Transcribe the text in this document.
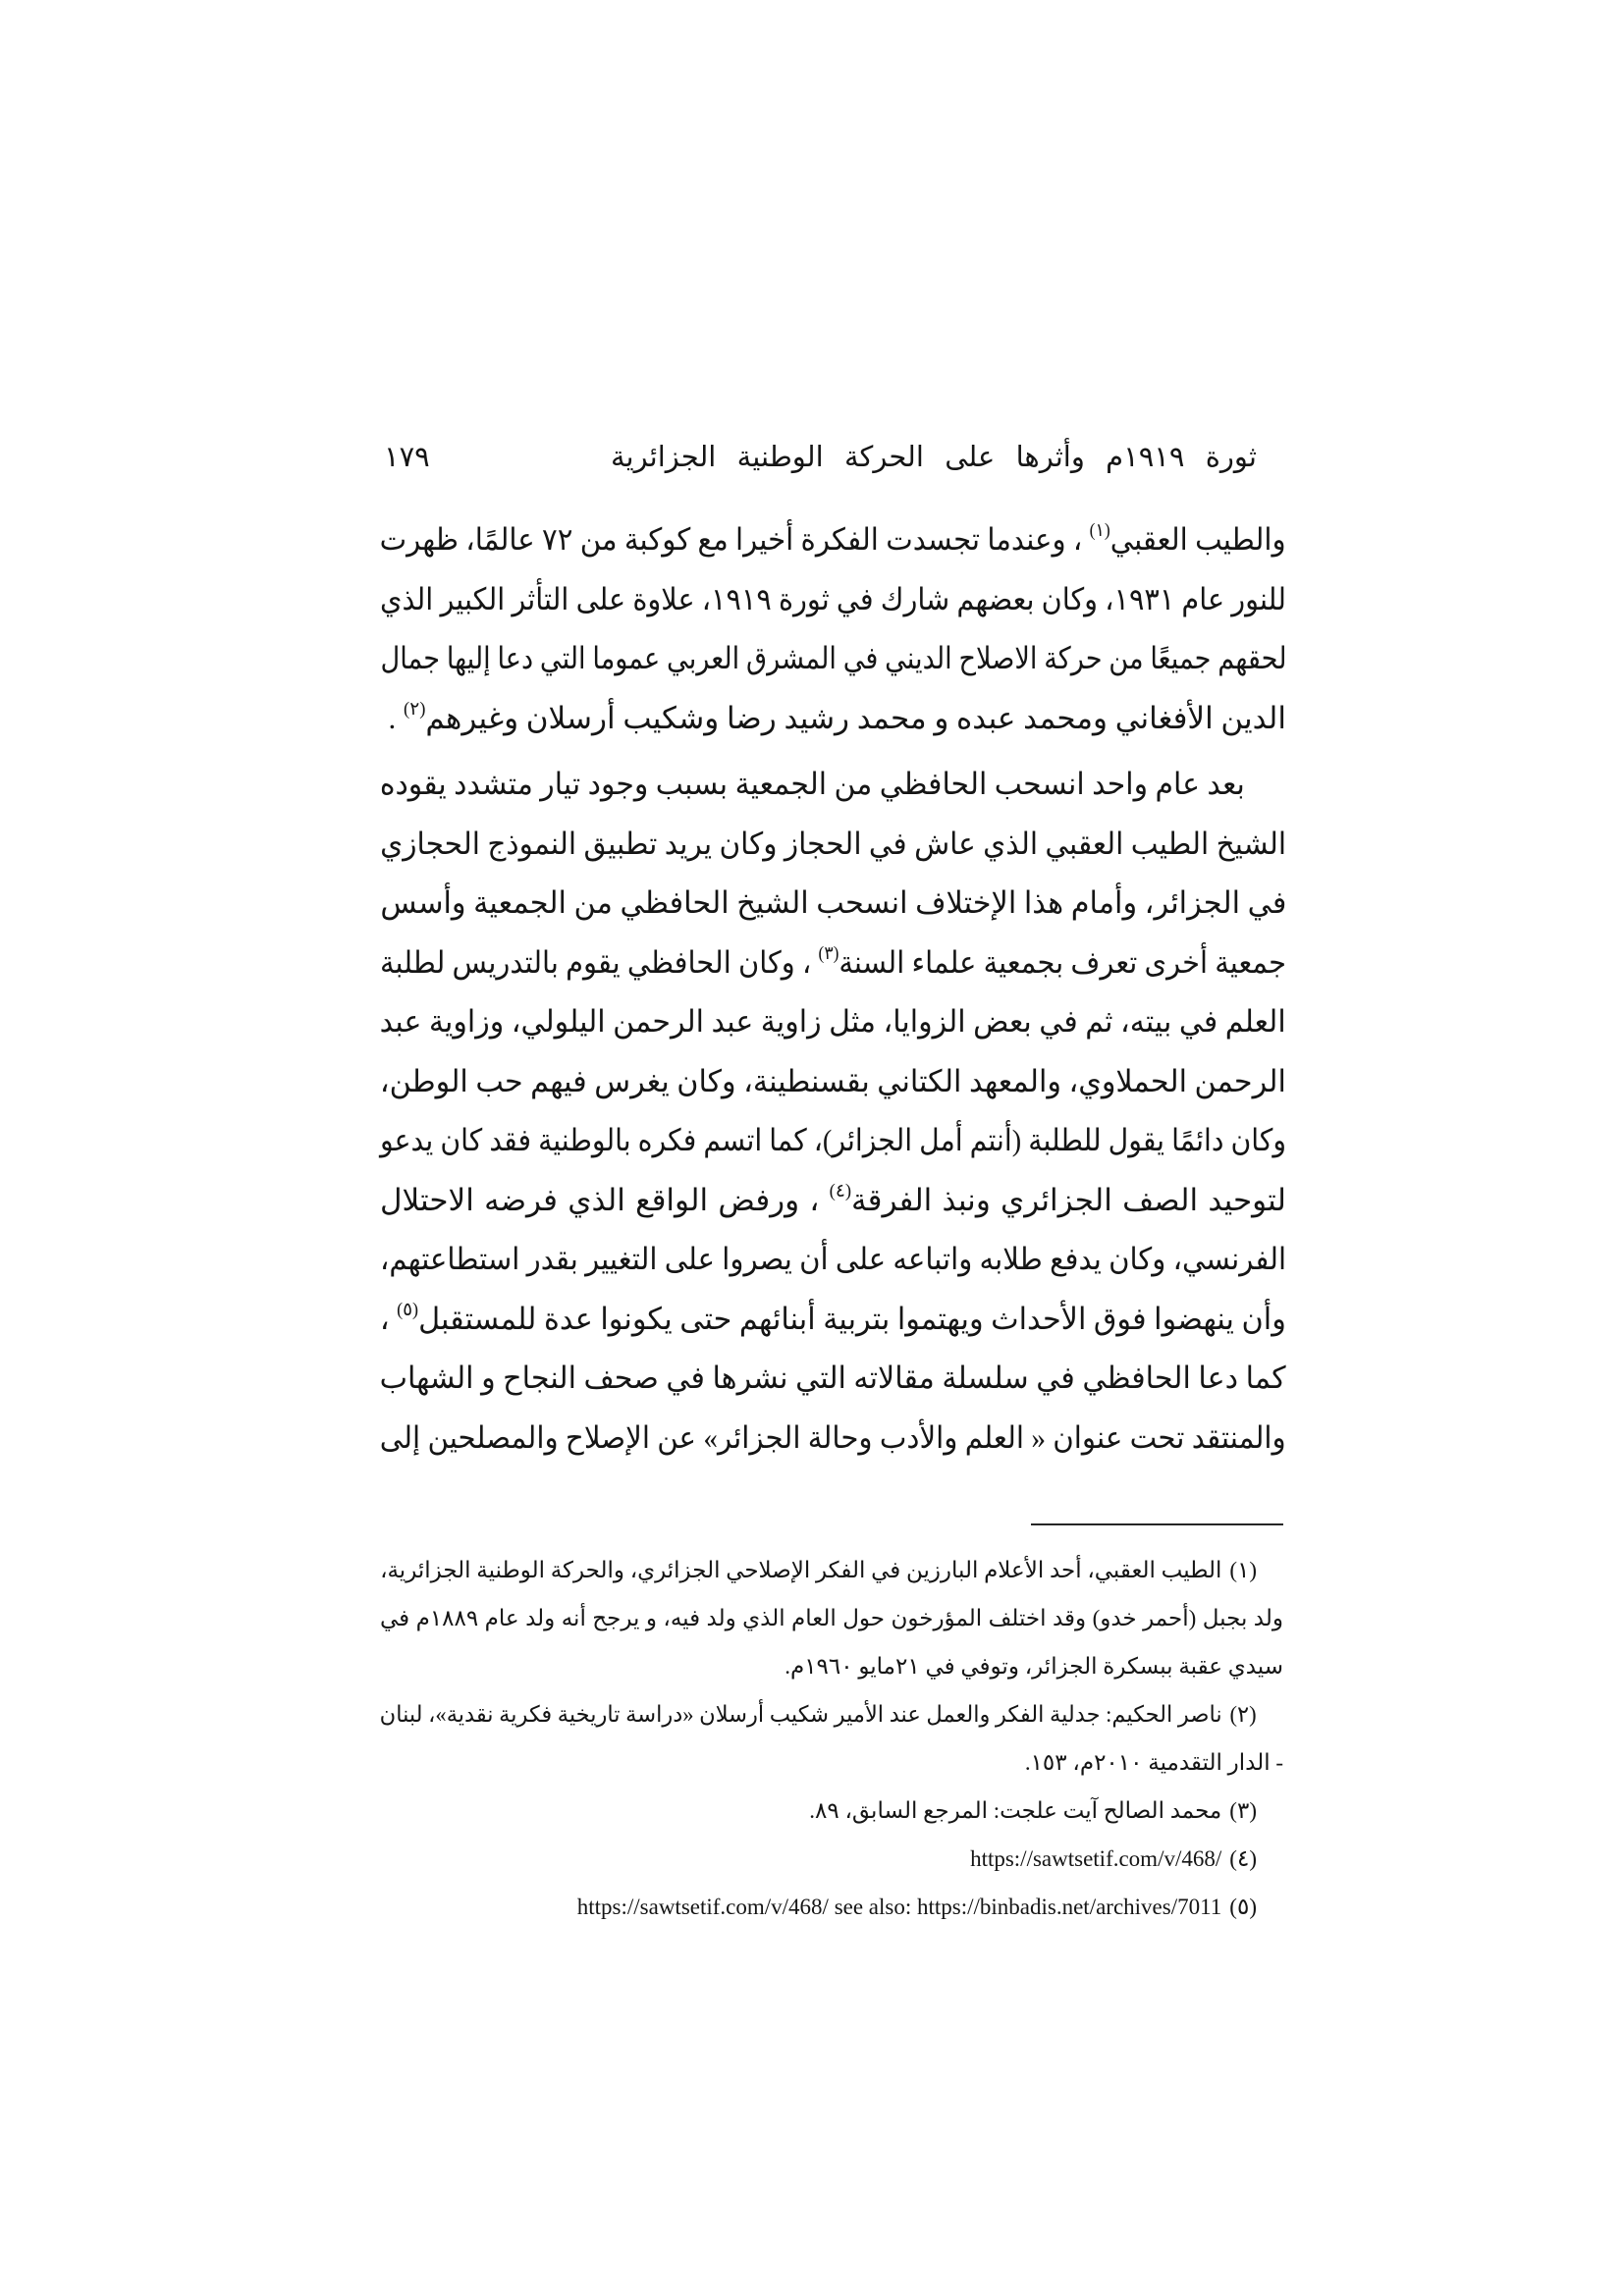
ثورة ١٩١٩م وأثرها على الحركة الوطنية الجزائرية
١٧٩
والطيب العقبي$^{(١)}$ ، وعندما تجسدت الفكرة أخيرا مع كوكبة من ٧٢ عالمًا، ظهرت
للنور عام ١٩٣١، وكان بعضهم شارك في ثورة ١٩١٩، علاوة على التأثر الكبير الذي
لحقهم جميعًا من حركة الاصلاح الديني في المشرق العربي عموما التي دعا إليها جمال
الدين الأفغاني ومحمد عبده و محمد رشيد رضا وشكيب أرسلان وغيرهم$^{(٢)}$ .
بعد عام واحد انسحب الحافظي من الجمعية بسبب وجود تيار متشدد يقوده
الشيخ الطيب العقبي الذي عاش في الحجاز وكان يريد تطبيق النموذج الحجازي
في الجزائر، وأمام هذا الإختلاف انسحب الشيخ الحافظي من الجمعية وأسس
جمعية أخرى تعرف بجمعية علماء السنة$^{(٣)}$ ، وكان الحافظي يقوم بالتدريس لطلبة
العلم في بيته، ثم في بعض الزوايا، مثل زاوية عبد الرحمن اليلولي، وزاوية عبد
الرحمن الحملاوي، والمعهد الكتاني بقسنطينة، وكان يغرس فيهم حب الوطن،
وكان دائمًا يقول للطلبة (أنتم أمل الجزائر)، كما اتسم فكره بالوطنية فقد كان يدعو
لتوحيد الصف الجزائري ونبذ الفرقة$^{(٤)}$ ، ورفض الواقع الذي فرضه الاحتلال
الفرنسي، وكان يدفع طلابه واتباعه على أن يصروا على التغيير بقدر استطاعتهم،
وأن ينهضوا فوق الأحداث ويهتموا بتربية أبنائهم حتى يكونوا عدة للمستقبل$^{(٥)}$ ،
كما دعا الحافظي في سلسلة مقالاته التي نشرها في صحف النجاح و الشهاب
والمنتقد تحت عنوان « العلم والأدب وحالة الجزائر» عن الإصلاح والمصلحين إلى
(١)الطيب العقبي، أحد الأعلام البارزين في الفكر الإصلاحي الجزائري، والحركة الوطنية الجزائرية،
ولد بجبل (أحمر خدو) وقد اختلف المؤرخون حول العام الذي ولد فيه، و يرجح أنه ولد عام ١٨٨٩م في
سيدي عقبة ببسكرة الجزائر، وتوفي في ٢١مايو ١٩٦٠م.
(٢)ناصر الحكيم: جدلية الفكر والعمل عند الأمير شكيب أرسلان «دراسة تاريخية فكرية نقدية»، لبنان
- الدار التقدمية ٢٠١٠م، ١٥٣.
(٣)محمد الصالح آيت علجت: المرجع السابق، ٨٩.
(٤)https://sawtsetif.com/v/468/
(٥)https://sawtsetif.com/v/468/ see also: https://binbadis.net/archives/7011
